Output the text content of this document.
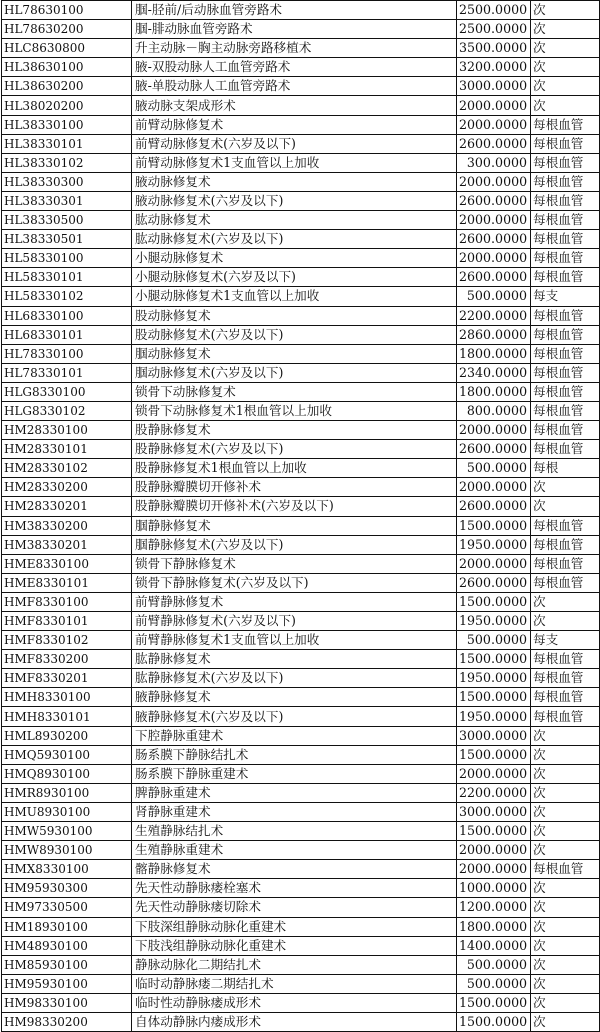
HL78630100	腘-胫前/后动脉血管旁路术	2500.0000	次
HL78630200	腘-腓动脉血管旁路术	2500.0000	次
HLC8630800	升主动脉－胸主动脉旁路移植术	3500.0000	次
HL38630100	腋-双股动脉人工血管旁路术	3200.0000	次
HL38630200	腋-单股动脉人工血管旁路术	3000.0000	次
HL38020200	腋动脉支架成形术	2000.0000	次
HL38330100	前臂动脉修复术	2000.0000	每根血管
HL38330101	前臂动脉修复术(六岁及以下)	2600.0000	每根血管
HL38330102	前臂动脉修复术1支血管以上加收	300.0000	每根血管
HL38330300	腋动脉修复术	2000.0000	每根血管
HL38330301	腋动脉修复术(六岁及以下)	2600.0000	每根血管
HL38330500	肱动脉修复术	2000.0000	每根血管
HL38330501	肱动脉修复术(六岁及以下)	2600.0000	每根血管
HL58330100	小腿动脉修复术	2000.0000	每根血管
HL58330101	小腿动脉修复术(六岁及以下)	2600.0000	每根血管
HL58330102	小腿动脉修复术1支血管以上加收	500.0000	每支
HL68330100	股动脉修复术	2200.0000	每根血管
HL68330101	股动脉修复术(六岁及以下)	2860.0000	每根血管
HL78330100	腘动脉修复术	1800.0000	每根血管
HL78330101	腘动脉修复术(六岁及以下)	2340.0000	每根血管
HLG8330100	锁骨下动脉修复术	1800.0000	每根血管
HLG8330102	锁骨下动脉修复术1根血管以上加收	800.0000	每根血管
HM28330100	股静脉修复术	2000.0000	每根血管
HM28330101	股静脉修复术(六岁及以下)	2600.0000	每根血管
HM28330102	股静脉修复术1根血管以上加收	500.0000	每根
HM28330200	股静脉瓣膜切开修补术	2000.0000	次
HM28330201	股静脉瓣膜切开修补术(六岁及以下)	2600.0000	次
HM38330200	腘静脉修复术	1500.0000	每根血管
HM38330201	腘静脉修复术(六岁及以下)	1950.0000	每根血管
HME8330100	锁骨下静脉修复术	2000.0000	每根血管
HME8330101	锁骨下静脉修复术(六岁及以下)	2600.0000	每根血管
HMF8330100	前臂静脉修复术	1500.0000	次
HMF8330101	前臂静脉修复术(六岁及以下)	1950.0000	次
HMF8330102	前臂静脉修复术1支血管以上加收	500.0000	每支
HMF8330200	肱静脉修复术	1500.0000	每根血管
HMF8330201	肱静脉修复术(六岁及以下)	1950.0000	每根血管
HMH8330100	腋静脉修复术	1500.0000	每根血管
HMH8330101	腋静脉修复术(六岁及以下)	1950.0000	每根血管
HML8930200	下腔静脉重建术	3000.0000	次
HMQ5930100	肠系膜下静脉结扎术	1500.0000	次
HMQ8930100	肠系膜下静脉重建术	2000.0000	次
HMR8930100	脾静脉重建术	2200.0000	次
HMU8930100	肾静脉重建术	3000.0000	次
HMW5930100	生殖静脉结扎术	1500.0000	次
HMW8930100	生殖静脉重建术	2000.0000	次
HMX8330100	髂静脉修复术	2000.0000	每根血管
HM95930300	先天性动静脉瘘栓塞术	1000.0000	次
HM97330500	先天性动静脉瘘切除术	1200.0000	次
HM18930100	下肢深组静脉动脉化重建术	1800.0000	次
HM48930100	下肢浅组静脉动脉化重建术	1400.0000	次
HM85930100	静脉动脉化二期结扎术	500.0000	次
HM95930100	临时动静脉瘘二期结扎术	500.0000	次
HM98330100	临时性动静脉瘘成形术	1500.0000	次
HM98330200	自体动静脉内瘘成形术	1500.0000	次
